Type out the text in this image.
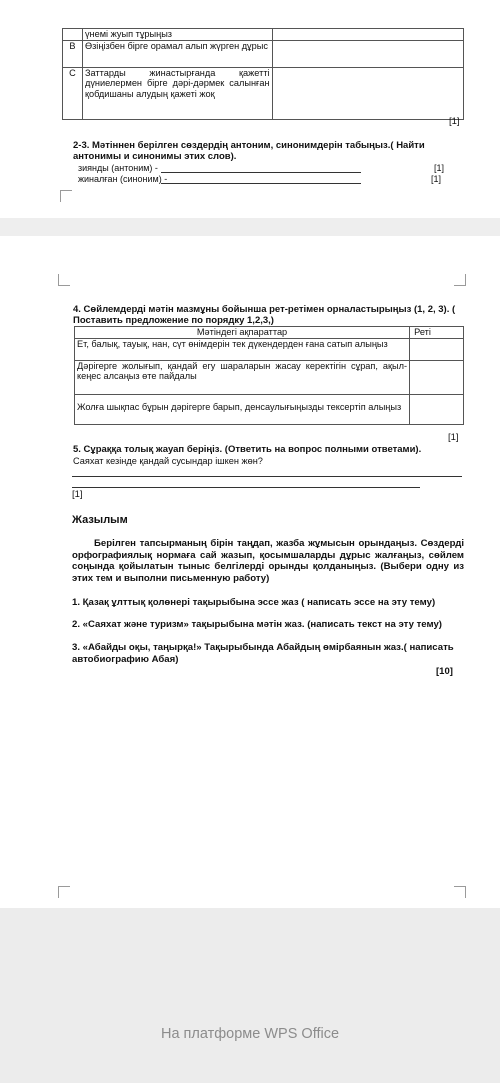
	үнемі жуып тұрыңыз	
B	Өзіңізбен бірге орамал алып жүрген дұрыс	
C	Заттарды жинастырғанда қажетті дүниелермен бірге дәрі-дәрмек салынған қобдишаны алудың қажеті жоқ	
[1]
2-3. Мәтіннен берілген сөздердің антоним, синонимдерін табыңыз.( Найти антонимы и синонимы этих слов).
зиянды (антоним) -	[1]
жиналған (синоним) -	[1]
4. Сөйлемдерді мәтін мазмұны бойынша рет-ретімен орналастырыңыз (1, 2, 3). ( Поставить предложение по порядку 1,2,3,)
Мәтіндегі ақпараттар	Реті
Ет, балық, тауық, нан, сүт өнімдерін тек дүкендерден ғана сатып алыңыз	
Дәрігерге жолығып, қандай егу шараларын жасау керектігін сұрап, ақыл-кеңес алсаңыз өте пайдалы	
Жолға шықпас бұрын дәрігерге барып, денсаулығыңызды тексертіп алыңыз	
[1]
5. Сұраққа толық жауап беріңіз. (Ответить на вопрос полными ответами).
Саяхат кезінде қандай сусындар ішкен жөн?
[1]
Жазылым
Берілген тапсырманың бірін таңдап, жазба жұмысын орындаңыз. Сөздерді орфографиялық нормаға сай жазып, қосымшаларды дұрыс жалғаңыз, сөйлем соңында қойылатын тыныс белгілерді орынды қолданыңыз. (Выбери одну из этих тем и выполни письменную работу)
1. Қазақ ұлттық қолөнері тақырыбына эссе жаз ( написать эссе на эту тему)
2. «Саяхат және туризм» тақырыбына мәтін жаз. (написать текст на эту тему)
3. «Абайды оқы, таңырқа!» Тақырыбында Абайдың өмірбаянын жаз.( написать автобиографию Абая)
[10]
На платформе WPS Office
